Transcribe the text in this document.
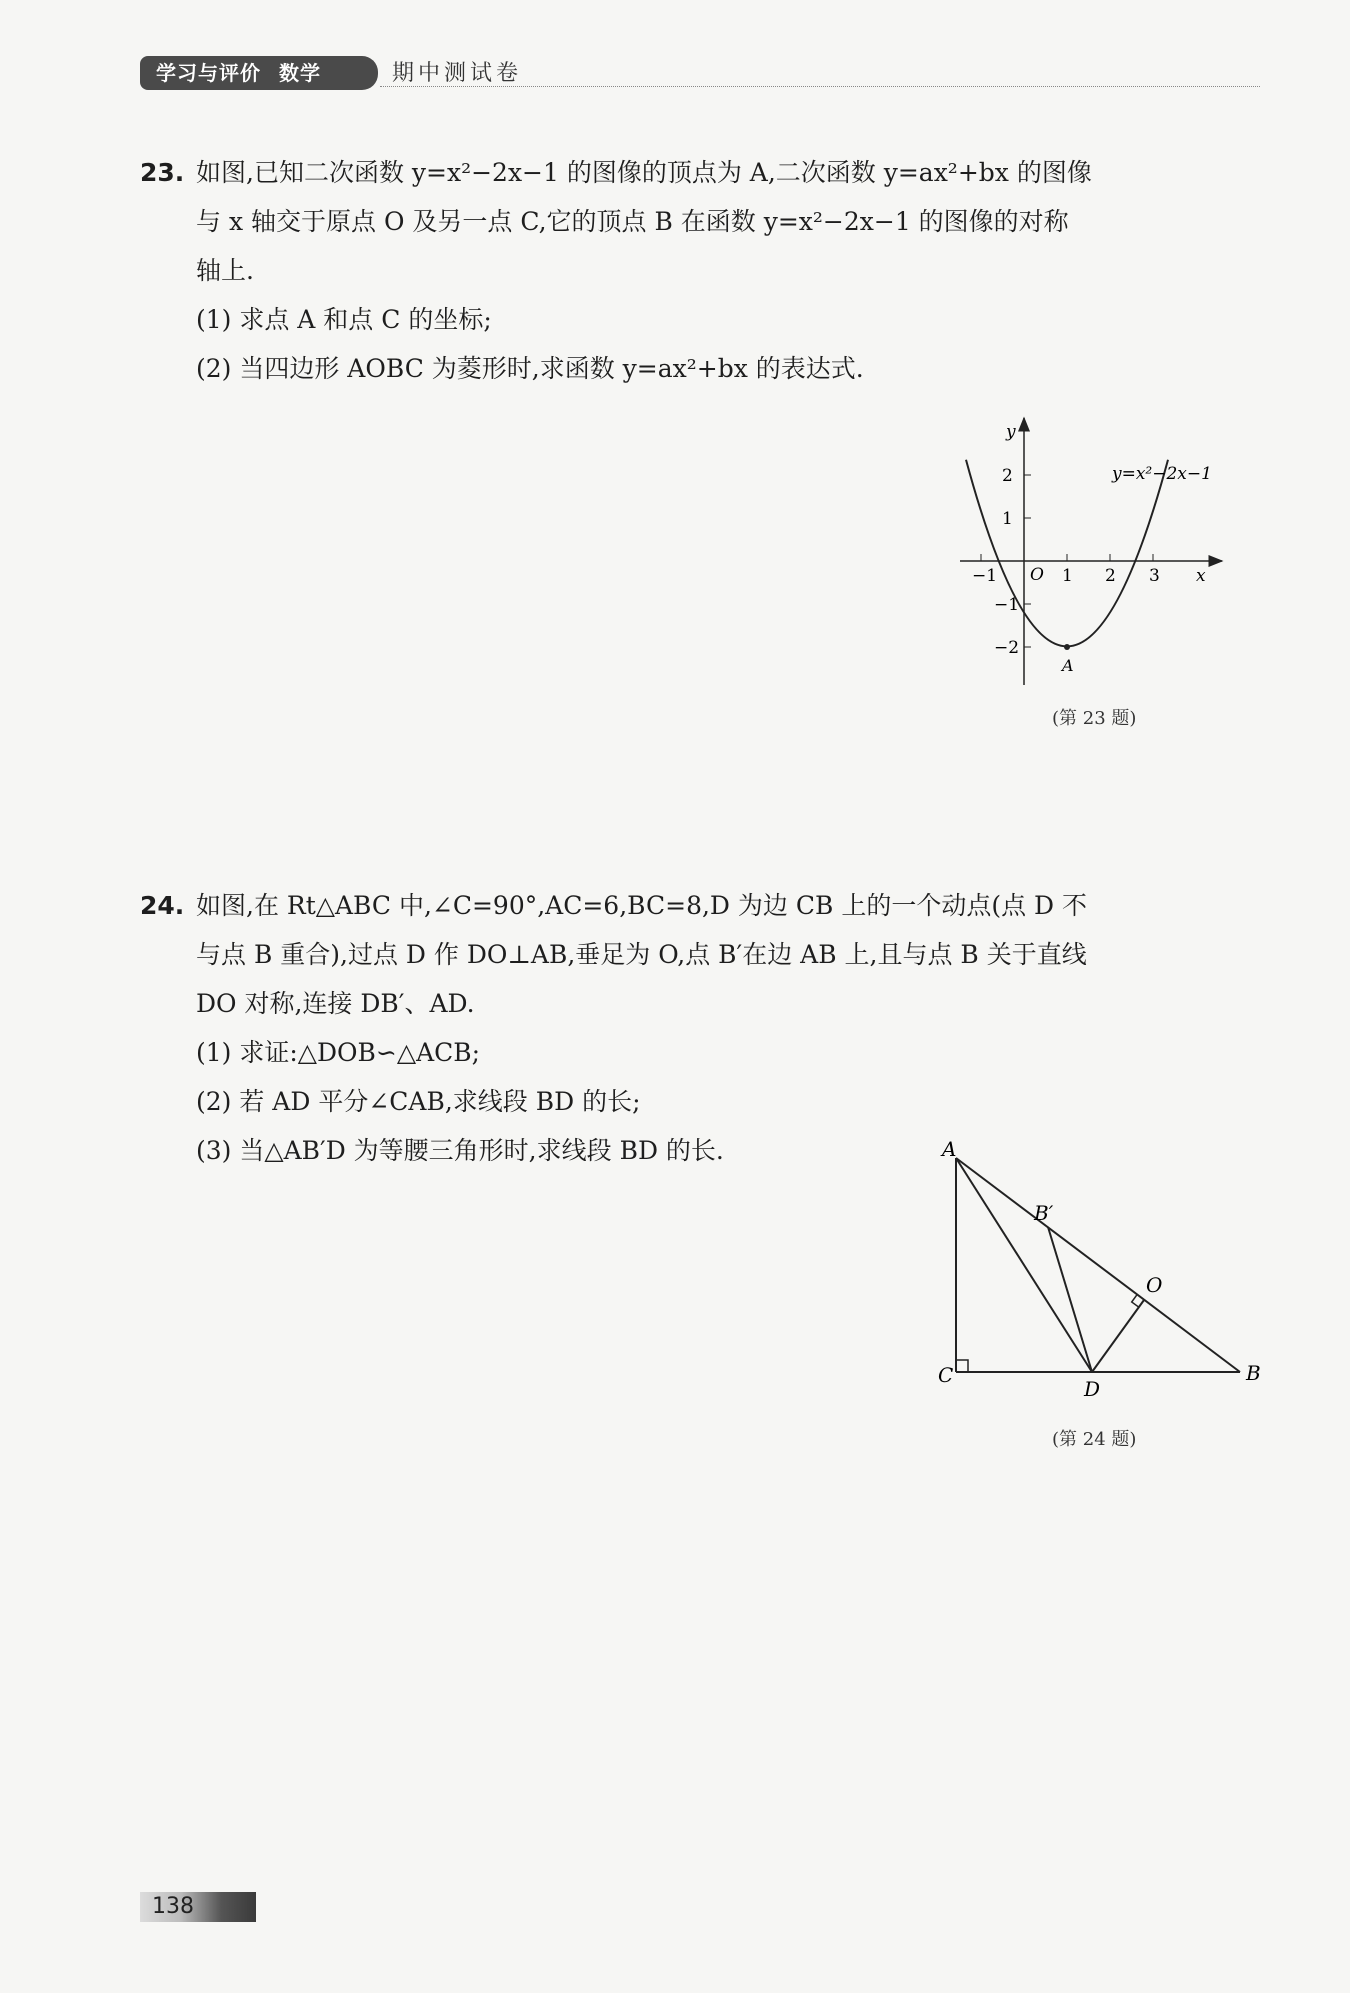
学习与评价 数学	期中测试卷
23. 如图,已知二次函数 y=x²−2x−1 的图像的顶点为 A,二次函数 y=ax²+bx 的图像
与 x 轴交于原点 O 及另一点 C,它的顶点 B 在函数 y=x²−2x−1 的图像的对称
轴上.
(1) 求点 A 和点 C 的坐标;
(2) 当四边形 AOBC 为菱形时,求函数 y=ax²+bx 的表达式.
y
x
O
A
−1	1 2 3
2
1
−1
−2
y=x²−2x−1
(第 23 题)
24. 如图,在 Rt△ABC 中,∠C=90°,AC=6,BC=8,D 为边 CB 上的一个动点(点 D 不
与点 B 重合),过点 D 作 DO⊥AB,垂足为 O,点 B′在边 AB 上,且与点 B 关于直线
DO 对称,连接 DB′、AD.
(1) 求证:△DOB∽△ACB;
(2) 若 AD 平分∠CAB,求线段 BD 的长;
(3) 当△AB′D 为等腰三角形时,求线段 BD 的长.	A
C	B
D
O
B′
(第 24 题)
138
